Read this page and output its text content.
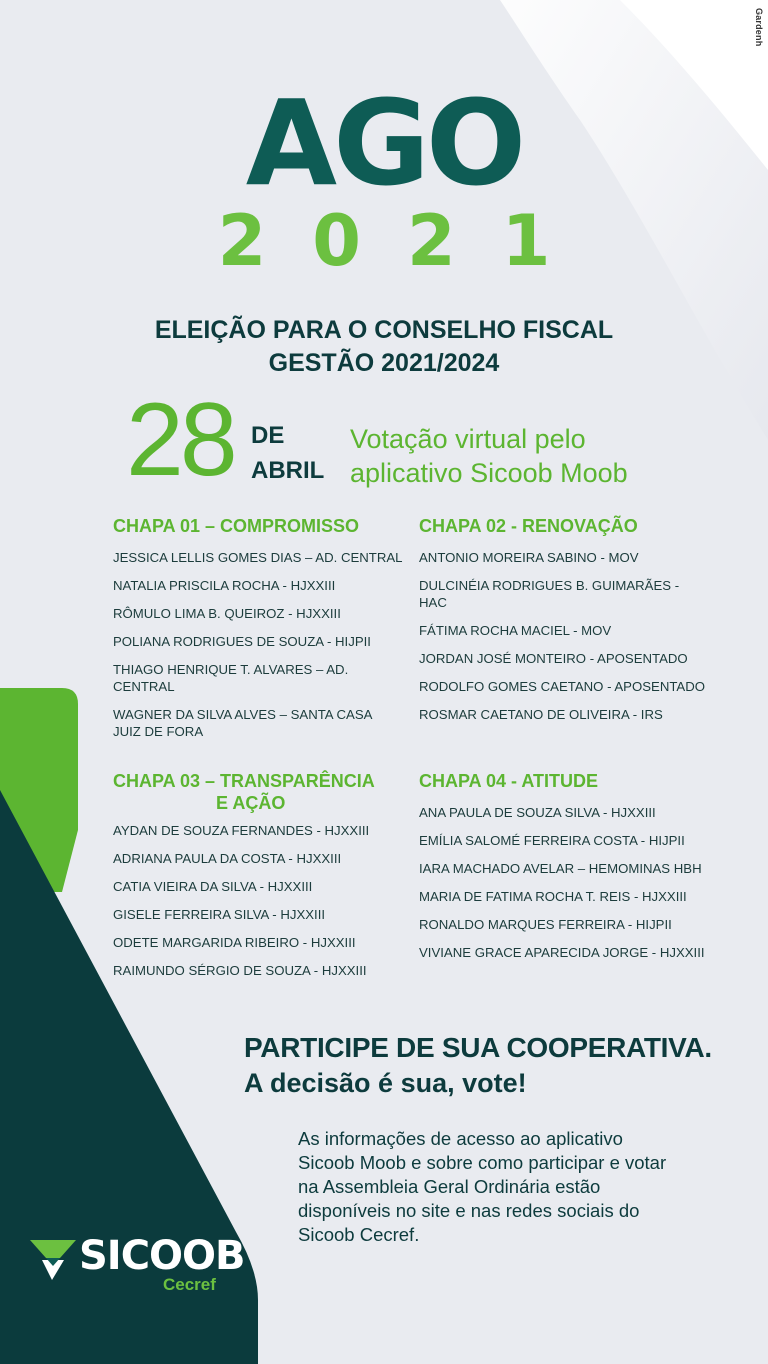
Gardenh
AGO
2021
ELEIÇÃO PARA O CONSELHO FISCAL
GESTÃO 2021/2024
28 DE
ABRIL
Votação virtual pelo
aplicativo Sicoob Moob
CHAPA 01 – COMPROMISSO
JESSICA LELLIS GOMES DIAS – AD. CENTRAL
NATALIA PRISCILA ROCHA - HJXXIII
RÔMULO LIMA B. QUEIROZ - HJXXIII
POLIANA RODRIGUES DE SOUZA - HIJPII
THIAGO HENRIQUE T. ALVARES – AD. CENTRAL
WAGNER DA SILVA ALVES – SANTA CASA JUIZ DE FORA
CHAPA 02 - RENOVAÇÃO
ANTONIO MOREIRA SABINO - MOV
DULCINÉIA RODRIGUES B. GUIMARÃES - HAC
FÁTIMA ROCHA MACIEL - MOV
JORDAN JOSÉ MONTEIRO - APOSENTADO
RODOLFO GOMES CAETANO - APOSENTADO
ROSMAR CAETANO DE OLIVEIRA - IRS
CHAPA 03 – TRANSPARÊNCIA
E AÇÃO
AYDAN DE SOUZA FERNANDES - HJXXIII
ADRIANA PAULA DA COSTA - HJXXIII
CATIA VIEIRA DA SILVA - HJXXIII
GISELE FERREIRA SILVA - HJXXIII
ODETE MARGARIDA RIBEIRO - HJXXIII
RAIMUNDO SÉRGIO DE SOUZA - HJXXIII
CHAPA 04 - ATITUDE
ANA PAULA DE SOUZA SILVA - HJXXIII
EMÍLIA SALOMÉ FERREIRA COSTA - HIJPII
IARA MACHADO AVELAR – HEMOMINAS HBH
MARIA DE FATIMA ROCHA T. REIS - HJXXIII
RONALDO MARQUES FERREIRA - HIJPII
VIVIANE GRACE APARECIDA JORGE - HJXXIII
PARTICIPE DE SUA COOPERATIVA.
A decisão é sua, vote!
As informações de acesso ao aplicativo Sicoob Moob e sobre como participar e votar na Assembleia Geral Ordinária estão disponíveis no site e nas redes sociais do Sicoob Cecref.
SICOOB
Cecref
